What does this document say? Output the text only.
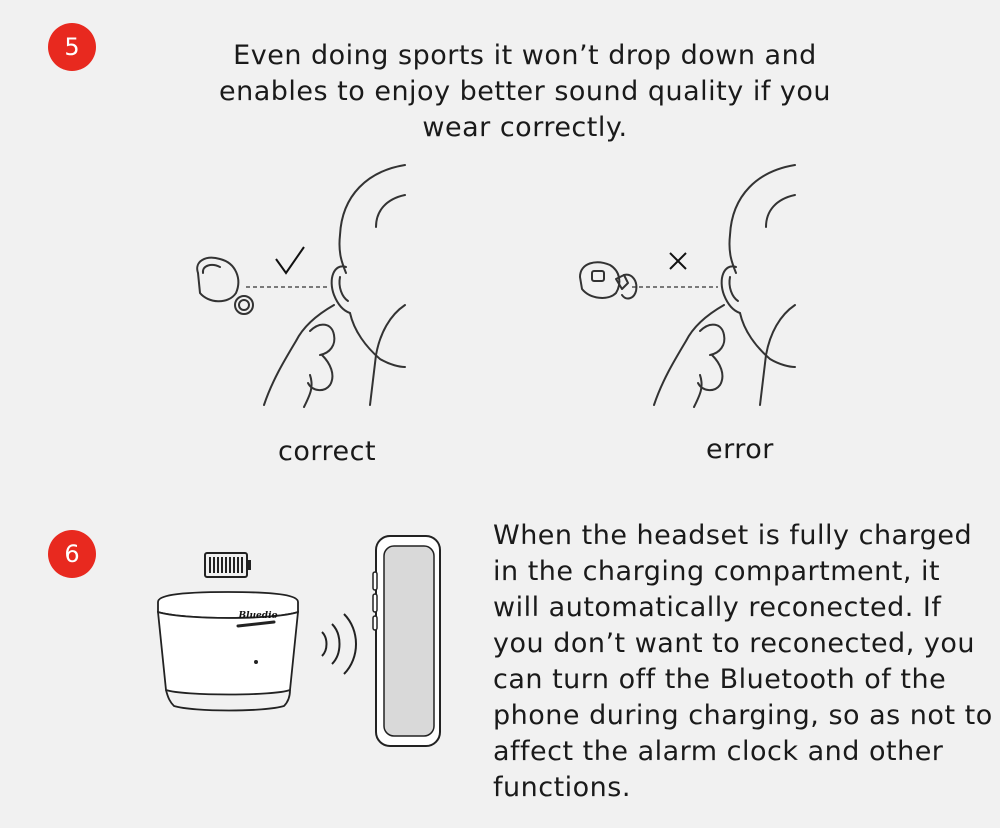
5	Even doing sports it won’t drop down and enables to enjoy better sound quality if you wear correctly.
correct	error
6
Bluedio
When the headset is fully charged in the charging compartment, it will automatically reconected. If you don’t want to reconected, you can turn off the Bluetooth of the phone during charging, so as not to affect the alarm clock and other functions.
